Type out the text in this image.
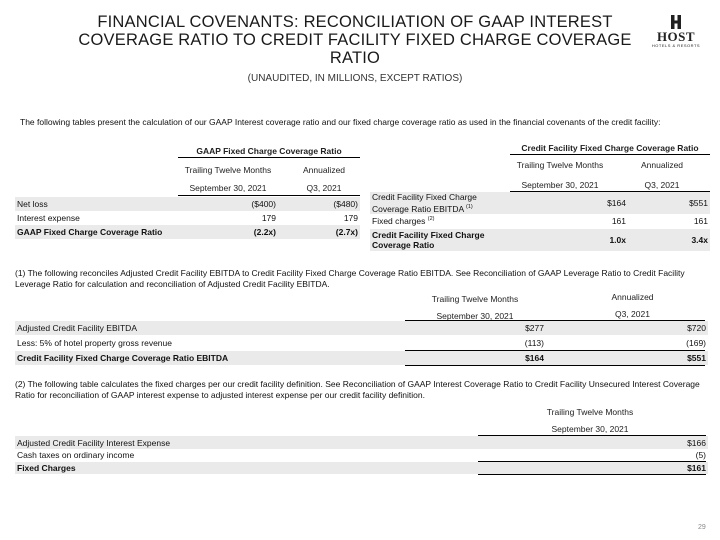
FINANCIAL COVENANTS: RECONCILIATION OF GAAP INTEREST COVERAGE RATIO TO CREDIT FACILITY FIXED CHARGE COVERAGE RATIO
(UNAUDITED, IN MILLIONS, EXCEPT RATIOS)
HOST
HOTELS & RESORTS
The following tables present the calculation of our GAAP Interest coverage ratio and our fixed charge coverage ratio as used in the financial covenants of the credit facility:
GAAP Fixed Charge Coverage Ratio
Trailing Twelve Months	Annualized
September 30, 2021	Q3, 2021
Net loss	($400)	($480)
Interest expense	179	179
GAAP Fixed Charge Coverage Ratio	(2.2x)	(2.7x)
Credit Facility Fixed Charge Coverage Ratio
Trailing Twelve Months	Annualized
September 30, 2021	Q3, 2021
Credit Facility Fixed Charge
Coverage Ratio EBITDA $^{(1)}$	$164	$551
Fixed charges $^{(2)}$	161	161
Credit Facility Fixed Charge
Coverage Ratio	1.0x	3.4x
(1) The following reconciles Adjusted Credit Facility EBITDA to Credit Facility Fixed Charge Coverage Ratio EBITDA. See Reconciliation of GAAP Leverage Ratio to Credit Facility Leverage Ratio for calculation and reconciliation of Adjusted Credit Facility EBITDA.
Trailing Twelve Months	Annualized
September 30, 2021	Q3, 2021
Adjusted Credit Facility EBITDA	$277	$720
Less: 5% of hotel property gross revenue	(113)	(169)
Credit Facility Fixed Charge Coverage Ratio EBITDA	$164	$551
(2) The following table calculates the fixed charges per our credit facility definition. See Reconciliation of GAAP Interest Coverage Ratio to Credit Facility Unsecured Interest Coverage Ratio for reconciliation of GAAP interest expense to adjusted interest expense per our credit facility definition.
Trailing Twelve Months
September 30, 2021
Adjusted Credit Facility Interest Expense	$166
Cash taxes on ordinary income	(5)
Fixed Charges	$161
29
